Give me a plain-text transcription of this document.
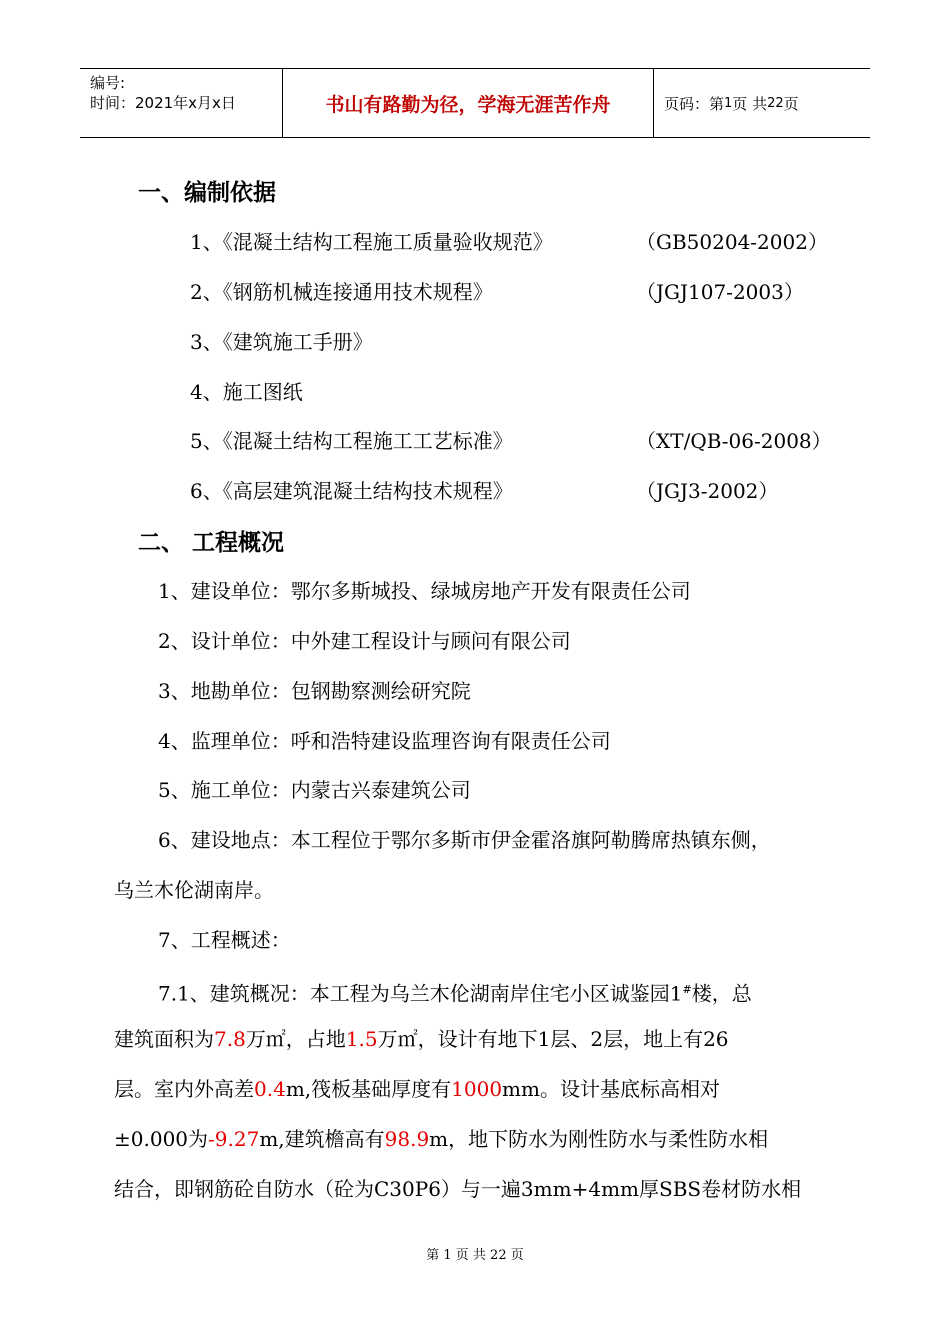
编号:
时间：2021年x月x日	书山有路勤为径，学海无涯苦作舟	页码：第 1 页 共 22 页
一、编制依据
1、《混凝土结构工程施工质量验收规范》	（GB50204-2002）
2、《钢筋机械连接通用技术规程》	（JGJ107-2003）
3、《建筑施工手册》
4、施工图纸
5、《混凝土结构工程施工工艺标准》	（XT/QB-06-2008）
6、《高层建筑混凝土结构技术规程》	（JGJ3-2002）
二、 工程概况
1、建设单位：鄂尔多斯城投、绿城房地产开发有限责任公司
2、设计单位：中外建工程设计与顾问有限公司
3、地勘单位：包钢勘察测绘研究院
4、监理单位：呼和浩特建设监理咨询有限责任公司
5、施工单位：内蒙古兴泰建筑公司
6、建设地点：本工程位于鄂尔多斯市伊金霍洛旗阿勒腾席热镇东侧，
乌兰木伦湖南岸。
7、工程概述：
7.1、建筑概况：本工程为乌兰木伦湖南岸住宅小区诚鉴园1#楼，总
建筑面积为7.8万㎡，占地1.5万㎡，设计有地下1层、2层，地上有26
层。室内外高差0.4m,筏板基础厚度有1000mm。设计基底标高相对
±0.000为-9.27m,建筑檐高有98.9m，地下防水为刚性防水与柔性防水相
结合，即钢筋砼自防水（砼为C30P6）与一遍3mm+4mm厚SBS卷材防水相
第 1 页 共 22 页
